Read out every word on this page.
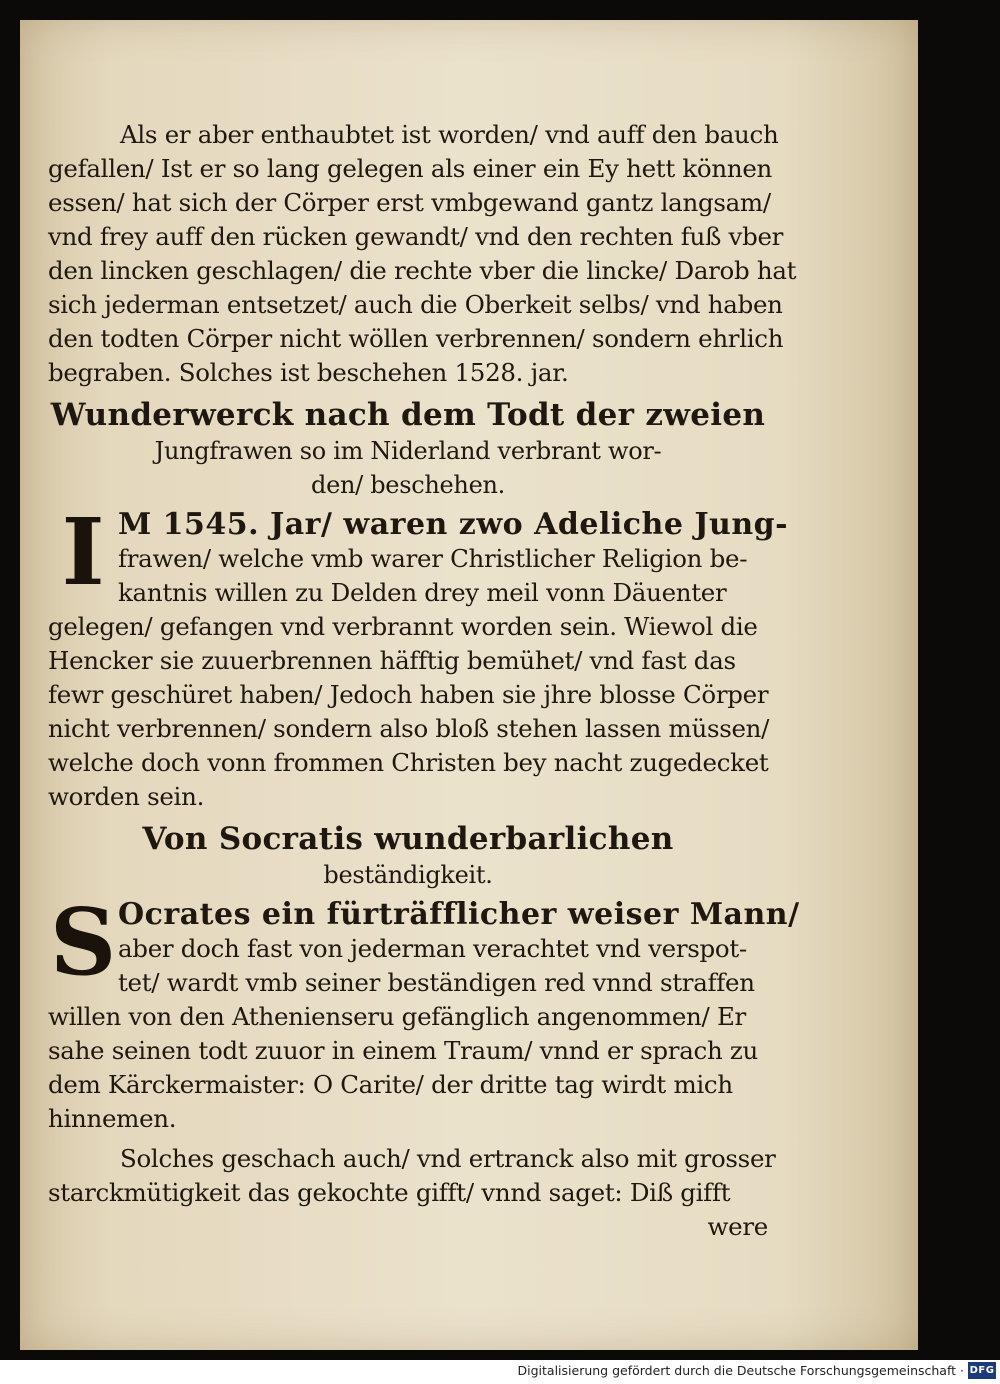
Als er aber enthaubtet ist worden/ vnd auff den bauch
gefallen/ Ist er so lang gelegen als einer ein Ey hett können
essen/ hat sich der Cörper erst vmbgewand gantz langsam/
vnd frey auff den rücken gewandt/ vnd den rechten fuß vber
den lincken geschlagen/ die rechte vber die lincke/ Darob hat
sich jederman entsetzet/ auch die Oberkeit selbs/ vnd haben
den todten Cörper nicht wöllen verbrennen/ sondern ehrlich
begraben. Solches ist beschehen 1528. jar.
Wunderwerck nach dem Todt der zweien
Jungfrawen so im Niderland verbrant wor-
den/ beschehen.
I M 1545. Jar/ waren zwo Adeliche Jung-
frawen/ welche vmb warer Christlicher Religion be-
kantnis willen zu Delden drey meil vonn Däuenter
gelegen/ gefangen vnd verbrannt worden sein. Wiewol die
Hencker sie zuuerbrennen häfftig bemühet/ vnd fast das
fewr geschüret haben/ Jedoch haben sie jhre blosse Cörper
nicht verbrennen/ sondern also bloß stehen lassen müssen/
welche doch vonn frommen Christen bey nacht zugedecket
worden sein.
Von Socratis wunderbarlichen
beständigkeit.
S Ocrates ein fürträfflicher weiser Mann/
aber doch fast von jederman verachtet vnd verspot-
tet/ wardt vmb seiner beständigen red vnnd straffen
willen von den Athenienseru gefänglich angenommen/ Er
sahe seinen todt zuuor in einem Traum/ vnnd er sprach zu
dem Kärckermaister: O Carite/ der dritte tag wirdt mich
hinnemen.
Solches geschach auch/ vnd ertranck also mit grosser
starckmütigkeit das gekochte gifft/ vnnd saget: Diß gifft
were
Digitalisierung gefördert durch die Deutsche Forschungsgemeinschaft · DFG
